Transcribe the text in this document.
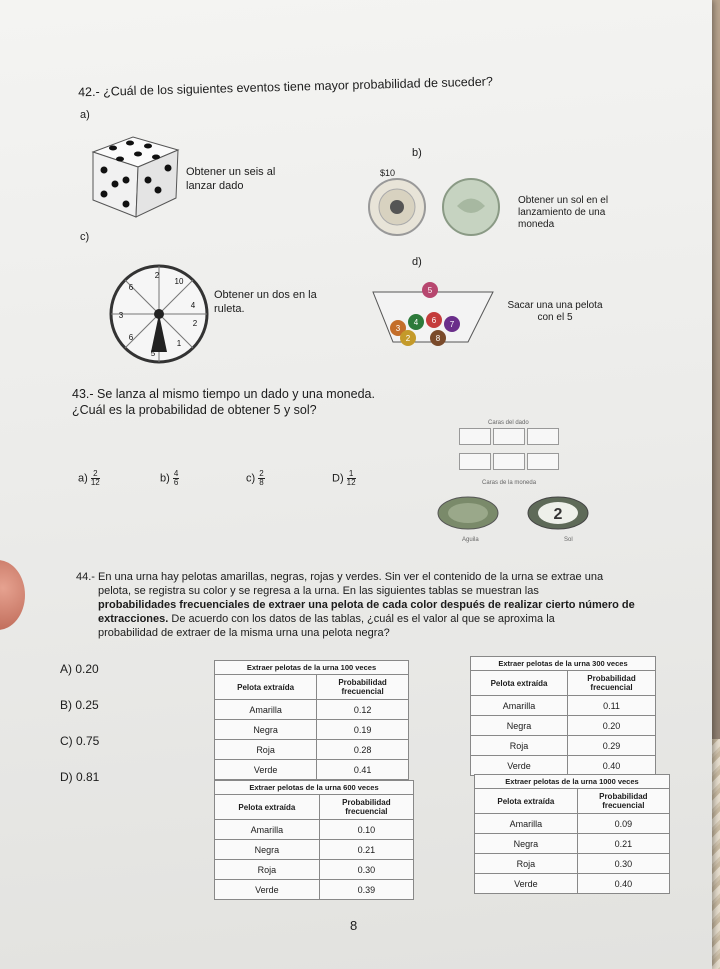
42.- ¿Cuál de los siguientes eventos tiene mayor probabilidad de suceder?
a)
Obtener un seis al lanzar dado
b)
$10
Obtener un sol en el lanzamiento de una moneda
c)
2
10
4
2
1
5
6
3
6
Obtener un dos en la ruleta.
d)
5
3
4 6 7
2	8
Sacar una una pelota con el 5
43.- Se lanza al mismo tiempo un dado y una moneda. ¿Cuál es la probabilidad de obtener 5 y sol?
Caras del dado
$a) \frac{2}{12}$	$b) \frac{4}{6}$	$c) \frac{2}{8}$	$D) \frac{1}{12}$	Caras de la moneda
2
Aguila	Sol
44.- En una urna hay pelotas amarillas, negras, rojas y verdes. Sin ver el contenido de la urna se extrae una
pelota, se registra su color y se regresa a la urna. En las siguientes tablas se muestran las
probabilidades frecuenciales de extraer una pelota de cada color después de realizar cierto número de
extracciones. De acuerdo con los datos de las tablas, ¿cuál es el valor al que se aproxima la
probabilidad de extraer de la misma urna una pelota negra?
A) 0.20
B) 0.25
C) 0.75
D) 0.81
Extraer pelotas de la urna 100 veces
Pelota extraída	Probabilidad frecuencial
Amarilla	0.12
Negra	0.19
Roja	0.28
Verde	0.41
Extraer pelotas de la urna 300 veces
Pelota extraída	Probabilidad frecuencial
Amarilla	0.11
Negra	0.20
Roja	0.29
Verde	0.40
Extraer pelotas de la urna 600 veces
Pelota extraída	Probabilidad frecuencial
Amarilla	0.10
Negra	0.21
Roja	0.30
Verde	0.39
Extraer pelotas de la urna 1000 veces
Pelota extraída	Probabilidad frecuencial
Amarilla	0.09
Negra	0.21
Roja	0.30
Verde	0.40
8
